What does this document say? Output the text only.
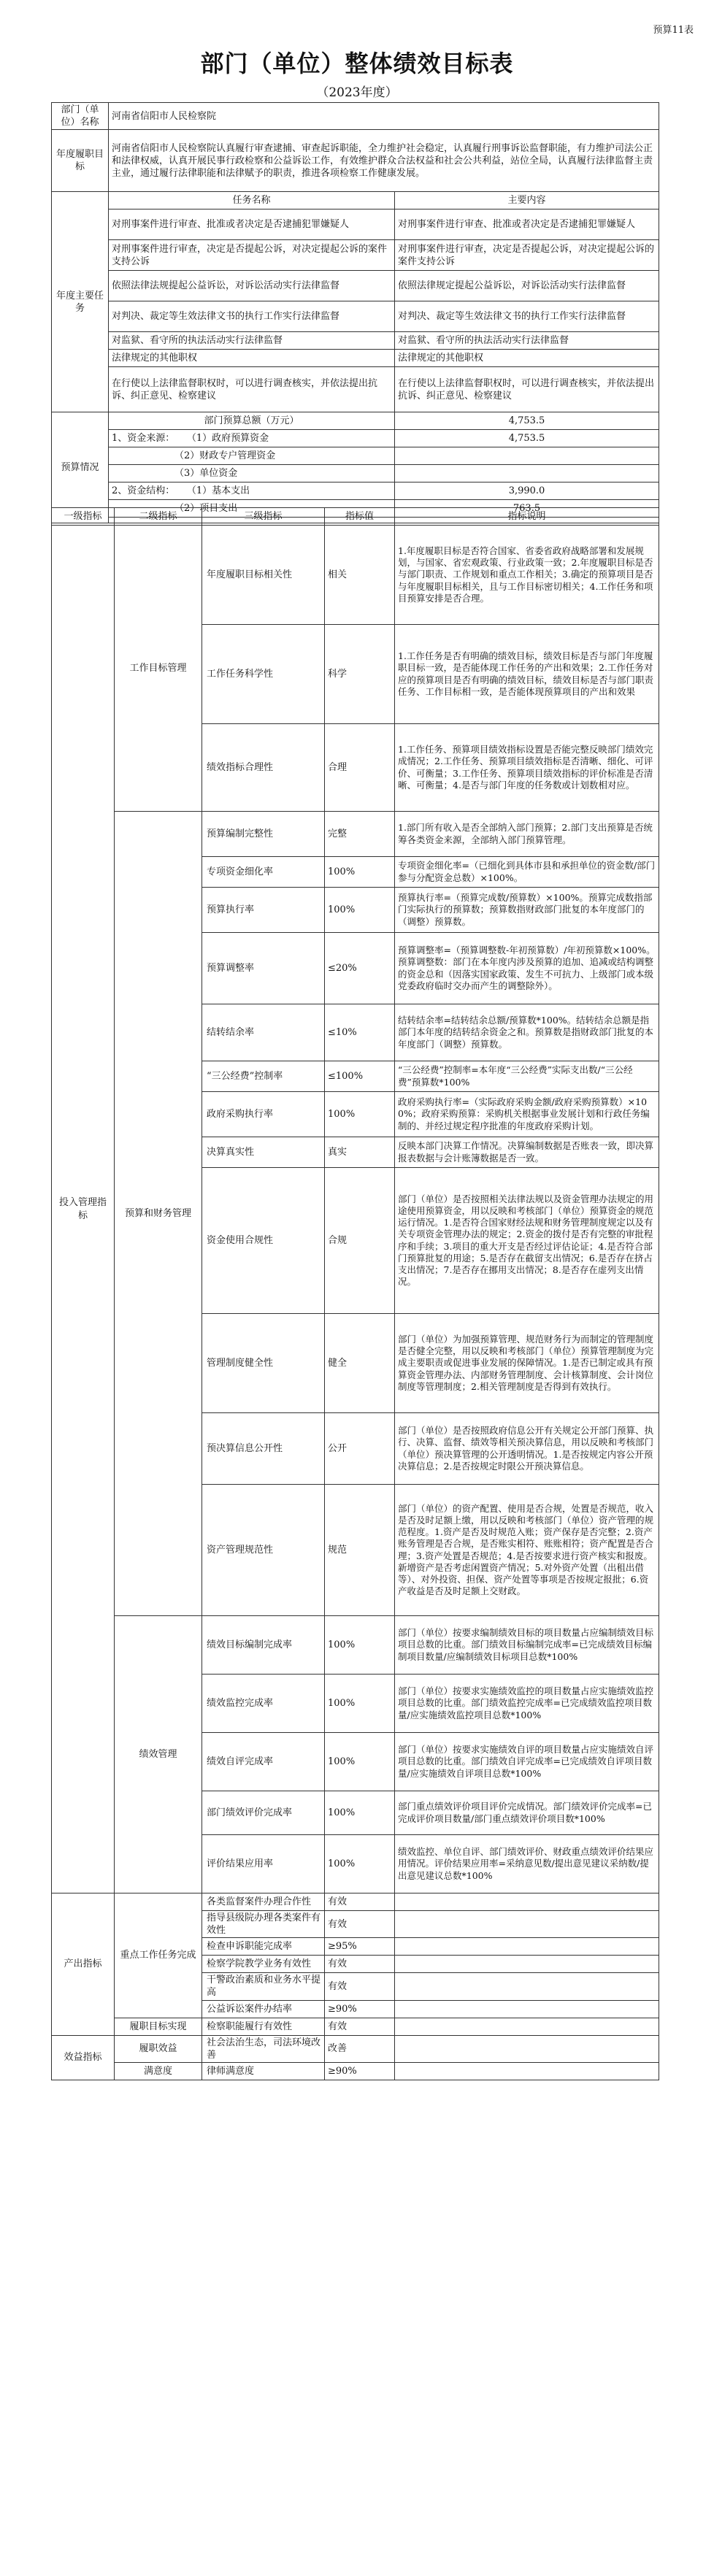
预算11表
部门（单位）整体绩效目标表
（2023年度）
部门（单位）名称	河南省信阳市人民检察院	
年度履职目标	河南省信阳市人民检察院认真履行审查逮捕、审查起诉职能，全力维护社会稳定，认真履行刑事诉讼监督职能，有力维护司法公正和法律权威，认真开展民事行政检察和公益诉讼工作，有效维护群众合法权益和社会公共利益，站位全局，认真履行法律监督主责主业，通过履行法律职能和法律赋予的职责，推进各项检察工作健康发展。	
年度主要任务	任务名称	主要内容
	对刑事案件进行审查、批准或者决定是否逮捕犯罪嫌疑人	对刑事案件进行审查、批准或者决定是否逮捕犯罪嫌疑人
	对刑事案件进行审查，决定是否提起公诉，对决定提起公诉的案件支持公诉	对刑事案件进行审查，决定是否提起公诉，对决定提起公诉的案件支持公诉
	依照法律法规提起公益诉讼，对诉讼活动实行法律监督	依照法律规定提起公益诉讼，对诉讼活动实行法律监督
	对判决、裁定等生效法律文书的执行工作实行法律监督	对判决、裁定等生效法律文书的执行工作实行法律监督
	对监狱、看守所的执法活动实行法律监督	对监狱、看守所的执法活动实行法律监督
	法律规定的其他职权	法律规定的其他职权
	在行使以上法律监督职权时，可以进行调查核实，并依法提出抗诉、纠正意见、检察建议	在行使以上法律监督职权时，可以进行调查核实，并依法提出抗诉、纠正意见、检察建议
预算情况	部门预算总额（万元）	4,753.5
	1、资金来源： （1）政府预算资金	4,753.5
	（2）财政专户管理资金	
	（3）单位资金	
	2、资金结构： （1）基本支出	3,990.0
	（2）项目支出	763.5

一级指标	二级指标	三级指标	指标值	指标说明
投入管理指标	工作目标管理	年度履职目标相关性	相关	1.年度履职目标是否符合国家、省委省政府战略部署和发展规划，与国家、省宏观政策、行业政策一致；2.年度履职目标是否与部门职责、工作规划和重点工作相关；3.确定的预算项目是否与年度履职目标相关，且与工作目标密切相关；4.工作任务和项目预算安排是否合理。
		工作任务科学性	科学	1.工作任务是否有明确的绩效目标，绩效目标是否与部门年度履职目标一致，是否能体现工作任务的产出和效果；2.工作任务对应的预算项目是否有明确的绩效目标，绩效目标是否与部门职责任务、工作目标相一致，是否能体现预算项目的产出和效果
		绩效指标合理性	合理	1.工作任务、预算项目绩效指标设置是否能完整反映部门绩效完成情况；2.工作任务、预算项目绩效指标是否清晰、细化、可评价、可衡量；3.工作任务、预算项目绩效指标的评价标准是否清晰、可衡量；4.是否与部门年度的任务数或计划数相对应。
	预算和财务管理	预算编制完整性	完整	1.部门所有收入是否全部纳入部门预算；2.部门支出预算是否统筹各类资金来源，全部纳入部门预算管理。
		专项资金细化率	100%	专项资金细化率=（已细化到具体市县和承担单位的资金数/部门参与分配资金总数）×100%。
		预算执行率	100%	预算执行率=（预算完成数/预算数）×100%。预算完成数指部门实际执行的预算数；预算数指财政部门批复的本年度部门的（调整）预算数。
		预算调整率	≤20%	预算调整率=（预算调整数-年初预算数）/年初预算数×100%。预算调整数：部门在本年度内涉及预算的追加、追减或结构调整的资金总和（因落实国家政策、发生不可抗力、上级部门或本级党委政府临时交办而产生的调整除外）。
		结转结余率	≤10%	结转结余率=结转结余总额/预算数*100%。结转结余总额是指部门本年度的结转结余资金之和。预算数是指财政部门批复的本年度部门（调整）预算数。
		“三公经费”控制率	≤100%	“三公经费”控制率=本年度“三公经费”实际支出数/“三公经费”预算数*100%
		政府采购执行率	100%	政府采购执行率=（实际政府采购金额/政府采购预算数）×100%；政府采购预算：采购机关根据事业发展计划和行政任务编制的、并经过规定程序批准的年度政府采购计划。
		决算真实性	真实	反映本部门决算工作情况。决算编制数据是否账表一致，即决算报表数据与会计账簿数据是否一致。
		资金使用合规性	合规	部门（单位）是否按照相关法律法规以及资金管理办法规定的用途使用预算资金，用以反映和考核部门（单位）预算资金的规范运行情况。1.是否符合国家财经法规和财务管理制度规定以及有关专项资金管理办法的规定；2.资金的拨付是否有完整的审批程序和手续；3.项目的重大开支是否经过评估论证；4.是否符合部门预算批复的用途；5.是否存在截留支出情况；6.是否存在挤占支出情况；7.是否存在挪用支出情况；8.是否存在虚列支出情况。
		管理制度健全性	健全	部门（单位）为加强预算管理、规范财务行为而制定的管理制度是否健全完整，用以反映和考核部门（单位）预算管理制度为完成主要职责或促进事业发展的保障情况。1.是否已制定或具有预算资金管理办法、内部财务管理制度、会计核算制度、会计岗位制度等管理制度；2.相关管理制度是否得到有效执行。
		预决算信息公开性	公开	部门（单位）是否按照政府信息公开有关规定公开部门预算、执行、决算、监督、绩效等相关预决算信息，用以反映和考核部门（单位）预决算管理的公开透明情况。1.是否按规定内容公开预决算信息；2.是否按规定时限公开预决算信息。
		资产管理规范性	规范	部门（单位）的资产配置、使用是否合规，处置是否规范，收入是否及时足额上缴，用以反映和考核部门（单位）资产管理的规范程度。1.资产是否及时规范入账；资产保存是否完整；2.资产账务管理是否合规，是否账实相符、账账相符；资产配置是否合理；3.资产处置是否规范；4.是否按要求进行资产核实和报废。新增资产是否考虑闲置资产情况；5.对外资产处置（出租出借等）、对外投资、担保、资产处置等事项是否按规定报批；6.资产收益是否及时足额上交财政。
	绩效管理	绩效目标编制完成率	100%	部门（单位）按要求编制绩效目标的项目数量占应编制绩效目标项目总数的比重。部门绩效目标编制完成率=已完成绩效目标编制项目数量/应编制绩效目标项目总数*100%
		绩效监控完成率	100%	部门（单位）按要求实施绩效监控的项目数量占应实施绩效监控项目总数的比重。部门绩效监控完成率=已完成绩效监控项目数量/应实施绩效监控项目总数*100%
		绩效自评完成率	100%	部门（单位）按要求实施绩效自评的项目数量占应实施绩效自评项目总数的比重。部门绩效自评完成率=已完成绩效自评项目数量/应实施绩效自评项目总数*100%
		部门绩效评价完成率	100%	部门重点绩效评价项目评价完成情况。部门绩效评价完成率=已完成评价项目数量/部门重点绩效评价项目数*100%
		评价结果应用率	100%	绩效监控、单位自评、部门绩效评价、财政重点绩效评价结果应用情况。评价结果应用率=采纳意见数/提出意见建议采纳数/提出意见建议总数*100%
产出指标	重点工作任务完成	各类监督案件办理合作性	有效	
		指导县级院办理各类案件有效性	有效	
		检查申诉职能完成率	≥95%	
		检察学院教学业务有效性	有效	
		干警政治素质和业务水平提高	有效	
		公益诉讼案件办结率	≥90%	
	履职目标实现	检察职能履行有效性	有效	
效益指标	履职效益	社会法治生态，司法环境改善	改善	
	满意度	律师满意度	≥90%	
